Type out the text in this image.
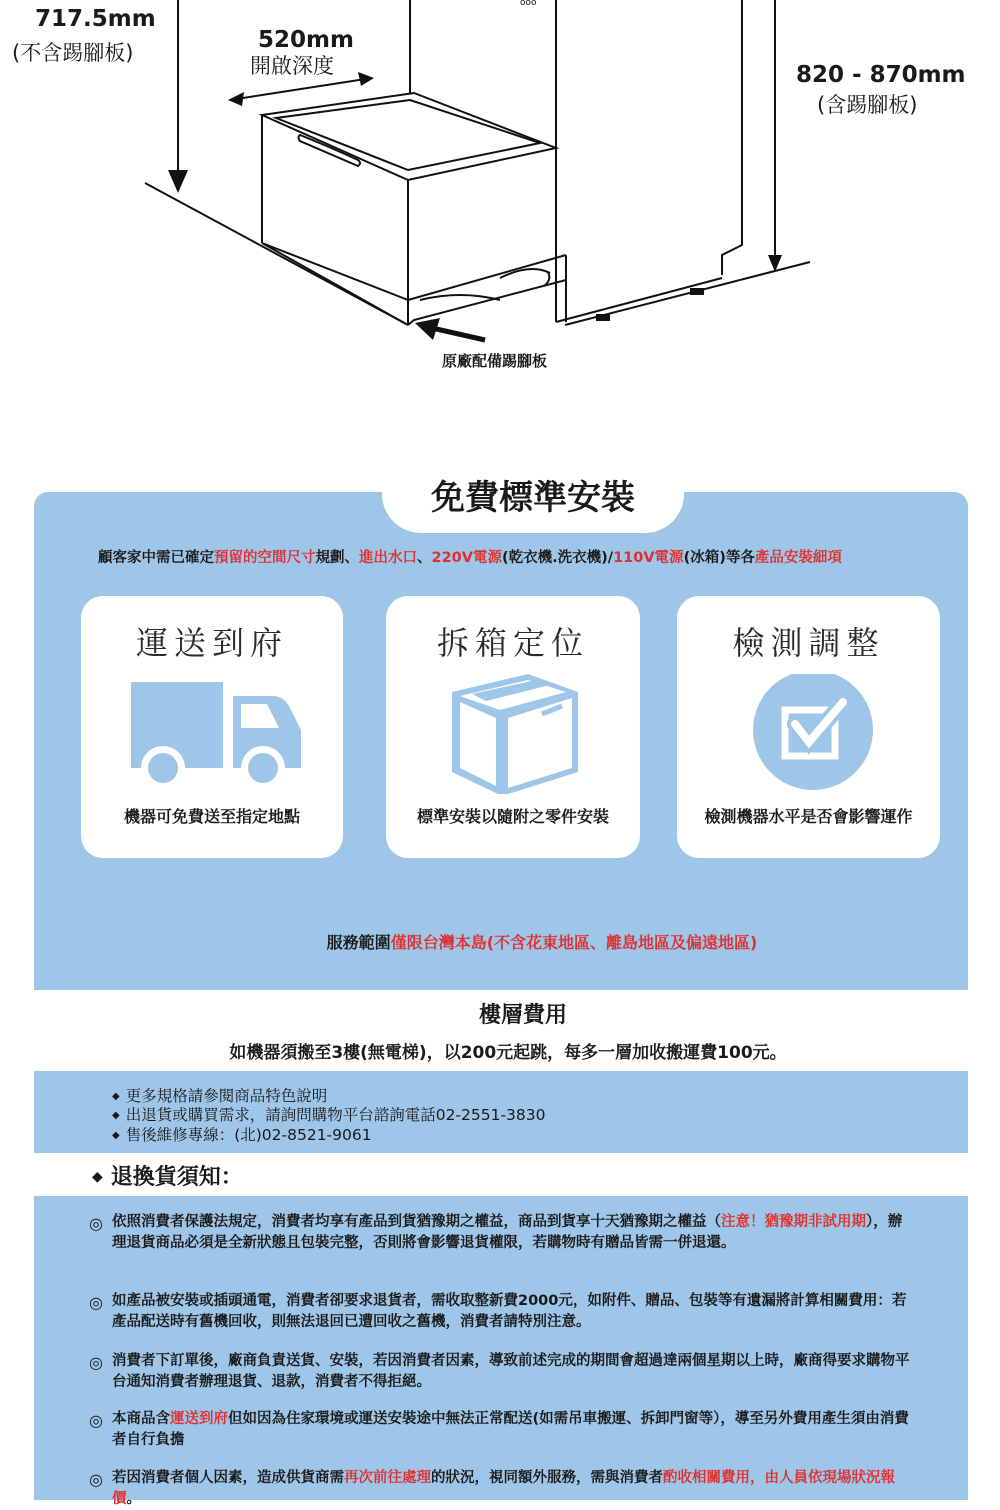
ooo
717.5mm
(不含踢腳板)	520mm
開啟深度	820 - 870mm
(含踢腳板)
原廠配備踢腳板
免費標準安裝
顧客家中需已確定預留的空間尺寸規劃、進出水口、220V電源(乾衣機.洗衣機)/110V電源(冰箱)等各產品安裝細項
運送到府
機器可免費送至指定地點
拆箱定位
標準安裝以隨附之零件安裝
檢測調整
檢測機器水平是否會影響運作
服務範圍僅限台灣本島(不含花東地區、離島地區及偏遠地區)
樓層費用
如機器須搬至3樓(無電梯)，以200元起跳，每多一層加收搬運費100元。
◆ 更多規格請參閱商品特色說明
◆ 出退貨或購買需求，請詢問購物平台諮詢電話02-2551-3830
◆ 售後維修專線：(北)02-8521-9061
◆ 退換貨須知：
◎ 依照消費者保護法規定，消費者均享有產品到貨猶豫期之權益，商品到貨享十天猶豫期之權益（注意！猶豫期非試用期），辦理退貨商品必須是全新狀態且包裝完整，否則將會影響退貨權限，若購物時有贈品皆需一併退還。
◎ 如產品被安裝或插頭通電，消費者卻要求退貨者，需收取整新費2000元，如附件、贈品、包裝等有遺漏將計算相關費用：若產品配送時有舊機回收，則無法退回已遭回收之舊機，消費者請特別注意。
◎ 消費者下訂單後，廠商負責送貨、安裝，若因消費者因素，導致前述完成的期間會超過達兩個星期以上時，廠商得要求購物平台通知消費者辦理退貨、退款，消費者不得拒絕。
◎ 本商品含運送到府但如因為住家環境或運送安裝途中無法正常配送(如需吊車搬運、拆卸門窗等），導至另外費用產生須由消費者自行負擔
◎ 若因消費者個人因素，造成供貨商需再次前往處理的狀況，視同額外服務，需與消費者酌收相關費用，由人員依現場狀況報價。
